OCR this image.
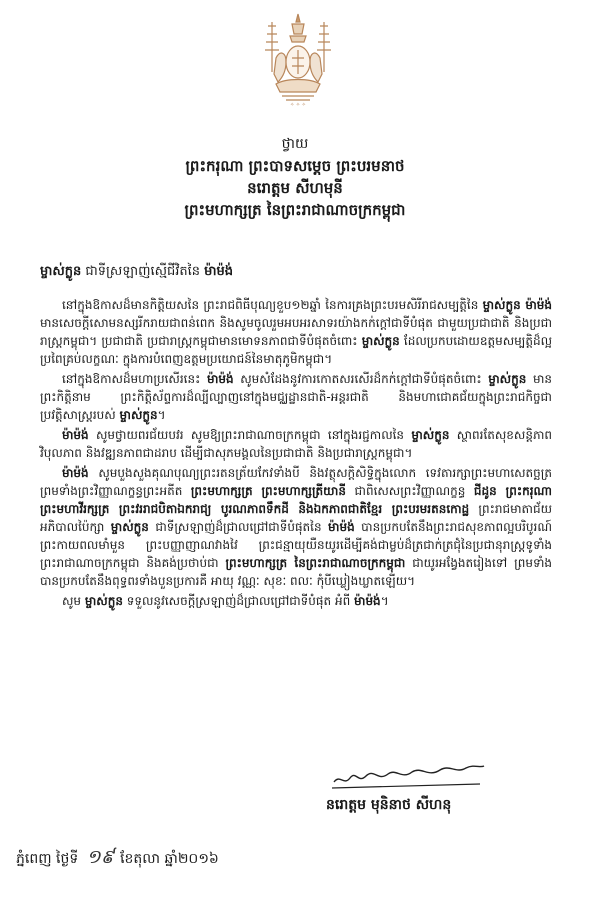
✧ ✧ ✧
ថ្វាយ
ព្រះករុណា ព្រះបាទសម្ដេច ព្រះបរមនាថ
នរោត្ដម សីហមុនី
ព្រះមហាក្សត្រ នៃព្រះរាជាណាចក្រកម្ពុជា
ម្ចាស់ក្លូន ជាទីស្រឡាញ់ស្មើជីវិតនៃ ម៉ាម៉ង់

នៅក្នុងឱកាសដ៏មានកិត្ដិយសនៃ ព្រះរាជពិធីបុណ្យខួប១២ឆ្នាំ នៃការគ្រងព្រះបរមសិរីរាជសម្បត្តិនៃ ម្ចាស់ក្លូន ម៉ាម៉ង់ មានសេចក្ដីសោមនស្សរីករាយជាពន់ពេក និងសូមចូលរួមអបអរសាទរយ៉ាងកក់ក្ដៅជាទីបំផុត ជាមួយប្រជាជាតិ និងប្រជារាស្ត្រកម្ពុជា។ ប្រជាជាតិ ប្រជារាស្ត្រកម្ពុជាមានមោទនភាពជាទីបំផុតចំពោះ ម្ចាស់ក្លូន ដែលប្រកបដោយឧត្ដមសម្បត្តិដ៏ល្អប្រពៃគ្រប់លក្ខណៈ ក្នុងការបំពេញឧត្ដមប្រយោជន៍នៃមាតុភូមិកម្ពុជា។

នៅក្នុងឱកាសដ៏មហាប្រសើរនេះ ម៉ាម៉ង់ សូមសំដែងនូវការកោតសរសើរដ៏កក់ក្ដៅជាទីបំផុតចំពោះ ម្ចាស់ក្លូន មានព្រះកិត្ដិនាម ព្រះកិត្ដិស័ព្ទការដ៏ល្បីល្បាញនៅក្នុងមជ្ឈដ្ឋានជាតិ-អន្ដរជាតិ និងមហាជោគជ័យក្នុងព្រះរាជកិច្ចជាប្រវត្ដិសាស្ត្ររបស់ ម្ចាស់ក្លូន។

ម៉ាម៉ង់ សូមថ្វាយពរជ័យបវរ សូមឱ្យព្រះរាជាណាចក្រកម្ពុជា នៅក្នុងរជ្ជកាលនៃ ម្ចាស់ក្លូន ស្ថាពរតែសុខសន្ដិភាព វិបុលភាព និងវឌ្ឍនភាពជាដរាប ដើម្បីជាសុភមង្គលនៃប្រជាជាតិ និងប្រជារាស្ត្រកម្ពុជា។

ម៉ាម៉ង់ សូមបួងសួងគុណបុណ្យព្រះរតនត្រ័យកែវទាំងបី និងវត្ថុសក្ដិសិទ្ធិក្នុងលោក ទេវតារក្សាព្រះមហាសេតច្ឆត្រ ព្រមទាំងព្រះវិញ្ញាណក្ខន្ធព្រះអតីត ព្រះមហាក្សត្រ ព្រះមហាក្សត្រីយានី ជាពិសេសព្រះវិញ្ញាណក្ខន្ធ ជីដូន ព្រះករុណា ព្រះមហាវីរក្សត្រ ព្រះវររាជបិតាឯករាជ្យ បូរណភាពទឹកដី និងឯកភាពជាតិខ្មែរ ព្រះបរមរតនកោដ្ឋ ព្រះរាជមាតាជ័យអភិបាលប៉ៃក្សា ម្ចាស់ក្លូន ជាទីស្រឡាញ់ដ៏ជ្រាលជ្រៅជាទីបំផុតនៃ ម៉ាម៉ង់ បានប្រកបតែនឹងព្រះរាជសុខភាពល្អបរិបូរណ៍ ព្រះកាយពលមាំមួន ព្រះបញ្ញាញាណវាងវៃ ព្រះជន្មាយុយឺនយូរដើម្បីគង់ជាម្លប់ដ៏ត្រជាក់ត្រជុំនៃប្រជានុរាស្ត្រទូទាំងព្រះរាជាណាចក្រកម្ពុជា និងគង់ប្រថាប់ជា ព្រះមហាក្សត្រ នៃព្រះរាជាណាចក្រកម្ពុជា ជាយូរអង្វែងតរៀងទៅ ព្រមទាំងបានប្រកបតែនឹងពុទ្ធពរទាំងបួនប្រការគឺ អាយុ វណ្ណៈ សុខៈ ពលៈ កុំបីឃ្លៀងឃ្លាតឡើយ។

សូម ម្ចាស់ក្លូន ទទួលនូវសេចក្ដីស្រឡាញ់ដ៏ជ្រាលជ្រៅជាទីបំផុត អំពី ម៉ាម៉ង់។
នរោត្តម មុនិនាថ សីហនុ
ភ្នំពេញ ថ្ងៃទី ១៩ ខែតុលា ឆ្នាំ២០១៦
